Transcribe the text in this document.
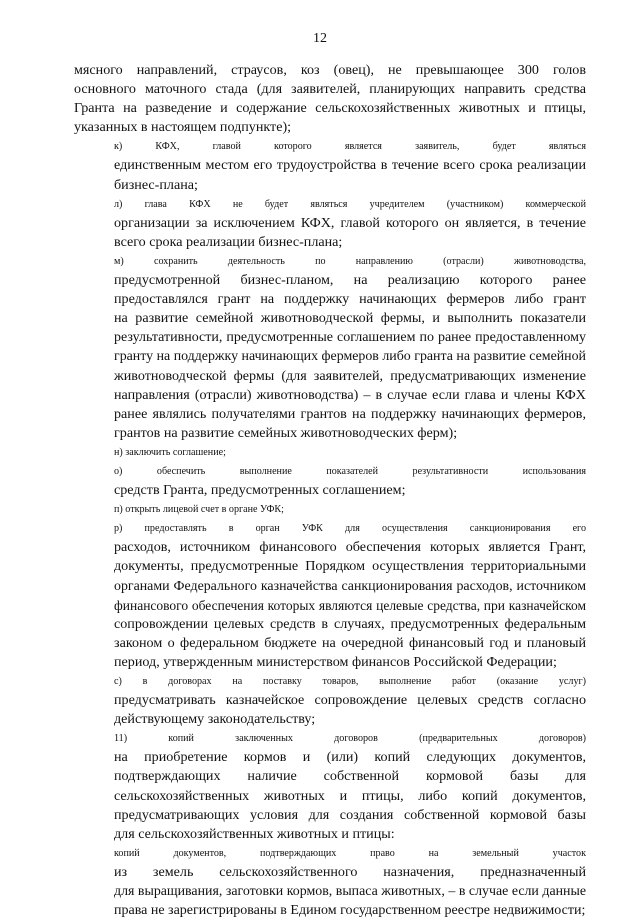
12
мясного направлений, страусов, коз (овец), не превышающее 300 голов
основного маточного стада (для заявителей, планирующих направить средства
Гранта на разведение и содержание сельскохозяйственных животных и птицы,
указанных в настоящем подпункте);
к) КФХ, главой которого является заявитель, будет являться
единственным местом его трудоустройства в течение всего срока реализации
бизнес-плана;
л) глава КФХ не будет являться учредителем (участником) коммерческой
организации за исключением КФХ, главой которого он является, в течение
всего срока реализации бизнес-плана;
м) сохранить деятельность по направлению (отрасли) животноводства,
предусмотренной бизнес-планом, на реализацию которого ранее
предоставлялся грант на поддержку начинающих фермеров либо грант
на развитие семейной животноводческой фермы, и выполнить показатели
результативности, предусмотренные соглашением по ранее предоставленному
гранту на поддержку начинающих фермеров либо гранта на развитие семейной
животноводческой фермы (для заявителей, предусматривающих изменение
направления (отрасли) животноводства) – в случае если глава и члены КФХ
ранее являлись получателями грантов на поддержку начинающих фермеров,
грантов на развитие семейных животноводческих ферм);
н) заключить соглашение;
о) обеспечить выполнение показателей результативности использования
средств Гранта, предусмотренных соглашением;
п) открыть лицевой счет в органе УФК;
р) предоставлять в орган УФК для осуществления санкционирования его
расходов, источником финансового обеспечения которых является Грант,
документы, предусмотренные Порядком осуществления территориальными
органами Федерального казначейства санкционирования расходов, источником
финансового обеспечения которых являются целевые средства, при казначейском
сопровождении целевых средств в случаях, предусмотренных федеральным
законом о федеральном бюджете на очередной финансовый год и плановый
период, утвержденным министерством финансов Российской Федерации;
с) в договорах на поставку товаров, выполнение работ (оказание услуг)
предусматривать казначейское сопровождение целевых средств согласно
действующему законодательству;
11) копий заключенных договоров (предварительных договоров)
на приобретение кормов и (или) копий следующих документов,
подтверждающих наличие собственной кормовой базы для
сельскохозяйственных животных и птицы, либо копий документов,
предусматривающих условия для создания собственной кормовой базы
для сельскохозяйственных животных и птицы:
копий документов, подтверждающих право на земельный участок
из земель сельскохозяйственного назначения, предназначенный
для выращивания, заготовки кормов, выпаса животных, – в случае если данные
права не зарегистрированы в Едином государственном реестре недвижимости;
